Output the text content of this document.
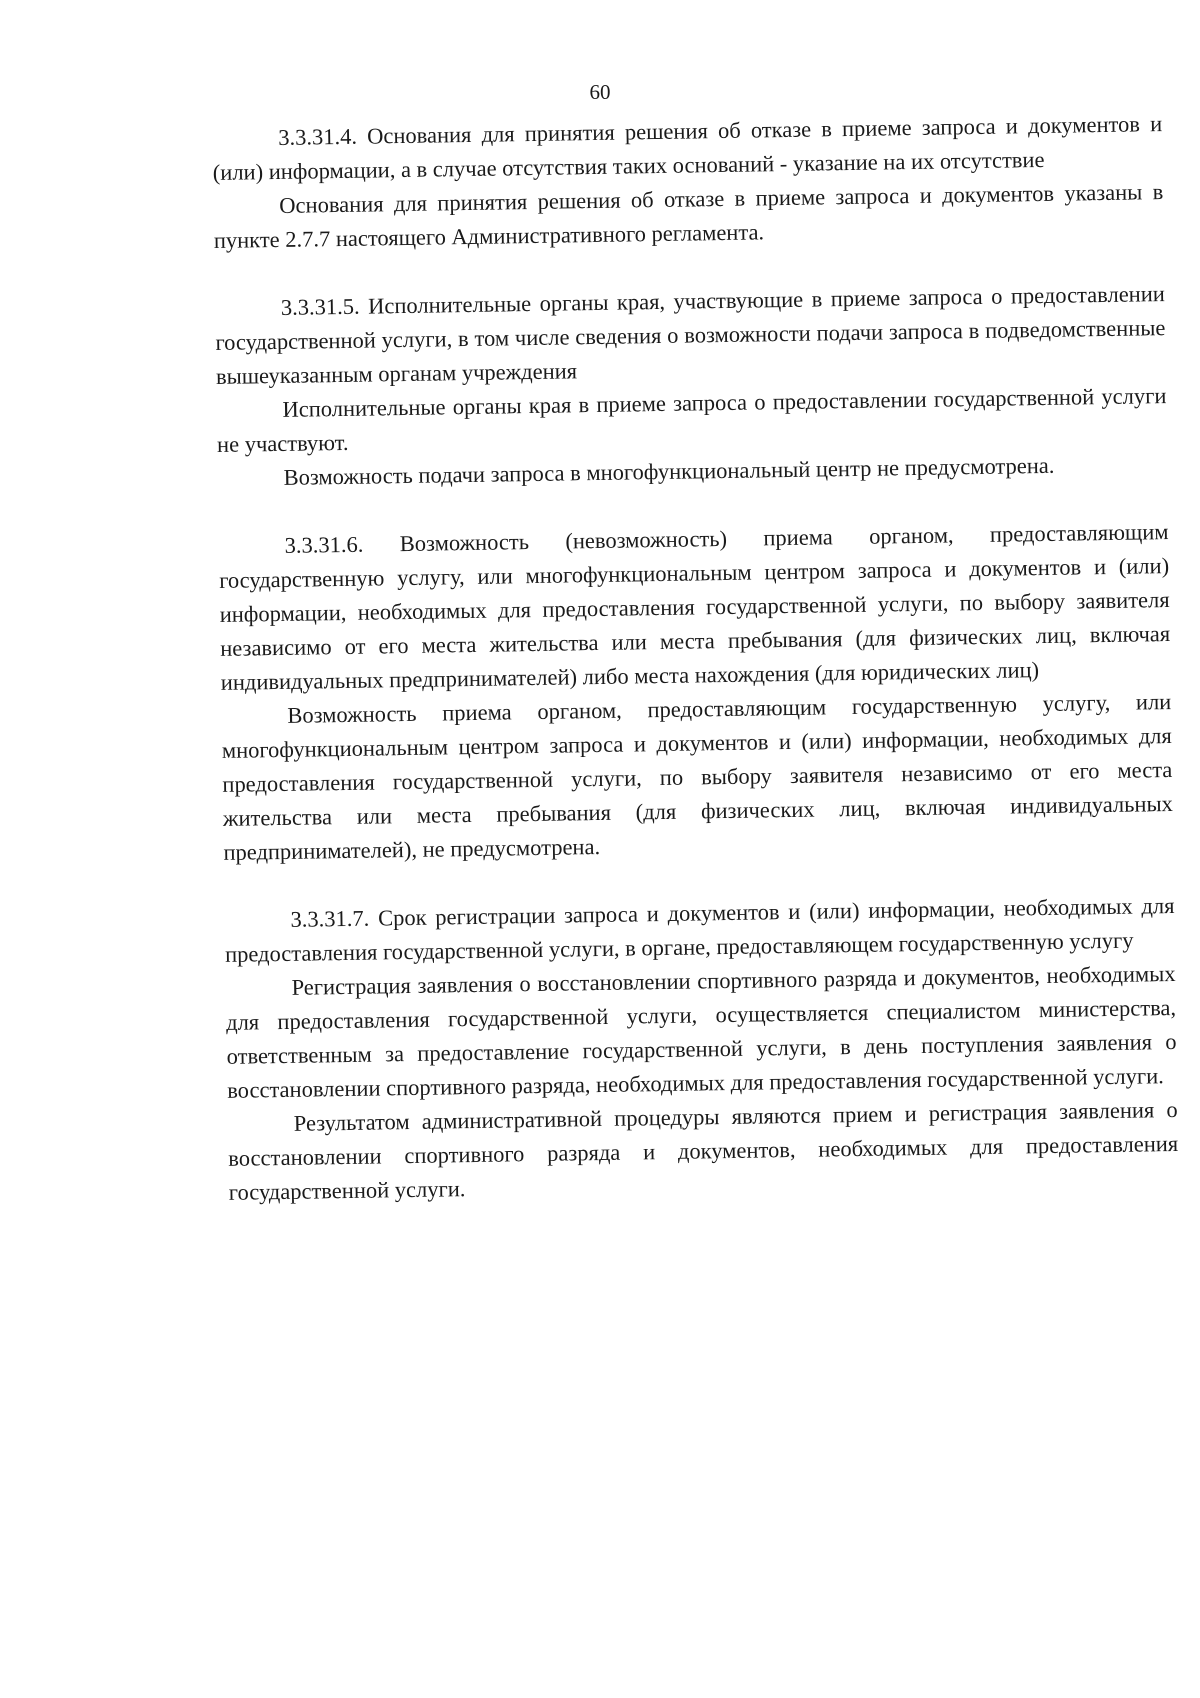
60

3.3.31.4. Основания для принятия решения об отказе в приеме запроса и документов и (или) информации, а в случае отсутствия таких оснований - указание на их отсутствие

Основания для принятия решения об отказе в приеме запроса и документов указаны в пункте 2.7.7 настоящего Административного регламента.

3.3.31.5. Исполнительные органы края, участвующие в приеме запроса о предоставлении государственной услуги, в том числе сведения о возможности подачи запроса в подведомственные вышеуказанным органам учреждения

Исполнительные органы края в приеме запроса о предоставлении государственной услуги не участвуют.

Возможность подачи запроса в многофункциональный центр не предусмотрена.

3.3.31.6. Возможность (невозможность) приема органом, предоставляющим государственную услугу, или многофункциональным центром запроса и документов и (или) информации, необходимых для предоставления государственной услуги, по выбору заявителя независимо от его места жительства или места пребывания (для физических лиц, включая индивидуальных предпринимателей) либо места нахождения (для юридических лиц)

Возможность приема органом, предоставляющим государственную услугу, или многофункциональным центром запроса и документов и (или) информации, необходимых для предоставления государственной услуги, по выбору заявителя независимо от его места жительства или места пребывания (для физических лиц, включая индивидуальных предпринимателей), не предусмотрена.

3.3.31.7. Срок регистрации запроса и документов и (или) информации, необходимых для предоставления государственной услуги, в органе, предоставляющем государственную услугу

Регистрация заявления о восстановлении спортивного разряда и документов, необходимых для предоставления государственной услуги, осуществляется специалистом министерства, ответственным за предоставление государственной услуги, в день поступления заявления о восстановлении спортивного разряда, необходимых для предоставления государственной услуги.

Результатом административной процедуры являются прием и регистрация заявления о восстановлении спортивного разряда и документов, необходимых для предоставления государственной услуги.
